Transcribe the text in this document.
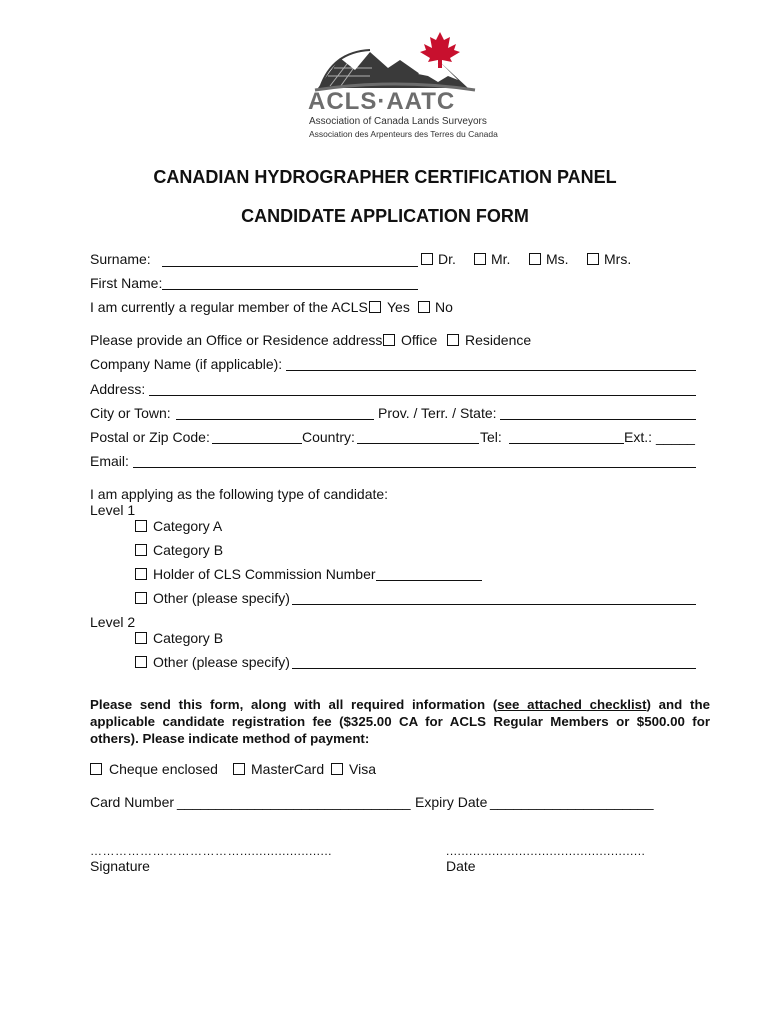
ACLS·AATC
Association of Canada Lands Surveyors
Association des Arpenteurs des Terres du Canada
CANADIAN HYDROGRAPHER CERTIFICATION PANEL
CANDIDATE APPLICATION FORM
Surname:	Dr.	Mr.	Ms.	Mrs.
First Name:
I am currently a regular member of the ACLS Yes No
Please provide an Office or Residence address Office Residence
Company Name (if applicable):
Address:
City or Town:	Prov. / Terr. / State:
Postal or Zip Code:	Country:	Tel:	Ext.: _____
Email:
I am applying as the following type of candidate:
Level 1
Category A
Category B
Holder of CLS Commission Number
Other (please specify)
Level 2
Category B
Other (please specify)
Please send this form, along with all required information (see attached checklist) and the applicable candidate registration fee ($325.00 CA for ACLS Regular Members or $500.00 for others). Please indicate method of payment:
Cheque enclosed MasterCard Visa
Card Number ______________________________ Expiry Date _____________________
………………………………........................
Signature
....................................................
Date
